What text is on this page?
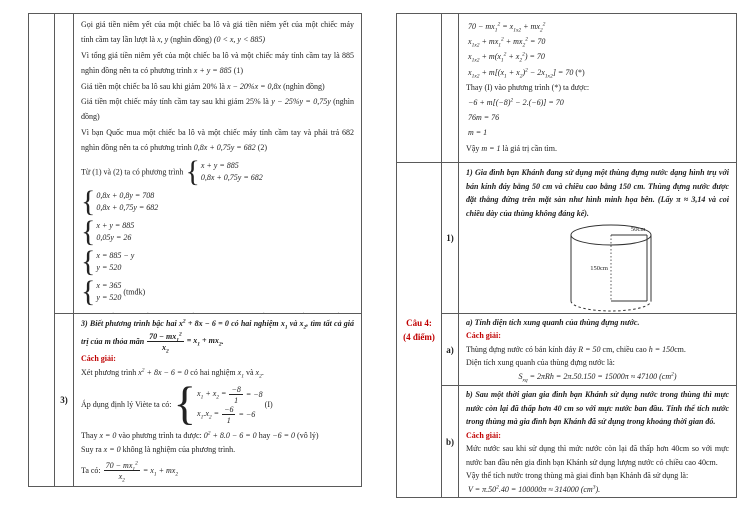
Gọi giá tiền niêm yết của một chiếc ba lô và giá tiền niêm yết của một chiếc máy tính cầm tay lần lượt là x, y (nghìn đồng) (0 < x, y < 885)
Vì tổng giá tiền niêm yết của một chiếc ba lô và một chiếc máy tính cầm tay là 885 nghìn đồng nên ta có phương trình x + y = 885 (1)
Giá tiền một chiếc ba lô sau khi giảm 20% là x − 20%x = 0,8x (nghìn đồng)
Giá tiền một chiếc máy tính cầm tay sau khi giảm 25% là y − 25%y = 0,75y (nghìn đồng)
Vì bạn Quốc mua một chiếc ba lô và một chiếc máy tính cầm tay và phải trả 682 nghìn đồng nên ta có phương trình 0,8x + 0,75y = 682 (2)
Từ (1) và (2) ta có phương trình { x + y = 885
0,8x + 0,75y = 682
{ 0,8x + 0,8y = 708
0,8x + 0,75y = 682
{ x + y = 885
0,05y = 26
{ x = 885 − y
y = 520
{ x = 365
y = 520
(tmđk)
3)
3) Biết phương trình bậc hai $x^2 + 8x - 6 = 0$ có hai nghiệm $x_1$ và $x_2$, tìm tất cả giá trị của m thỏa mãn $\frac{70 - mx_1^2}{x_2} = x_1 + mx_2$.
Cách giải:
Xét phương trình $x^2 + 8x - 6 = 0$ có hai nghiệm $x_1$ và $x_2$.
Áp dụng định lý Viète ta có: { $x_1 + x_2 = \frac{-8}{1} = -8$
$x_1.x_2 = \frac{-6}{1} = -6$
(I)
Thay x = 0 vào phương trình ta được: $0^2 + 8.0 - 6 = 0$ hay −6 = 0 (vô lý)
Suy ra x = 0 không là nghiệm của phương trình.
Ta có: $\frac{70 - mx_1^2}{x_2} = x_1 + mx_2$
$70 - mx_1^2 = x_{1x2} + mx_2^2$
$x_{1x2} + mx_1^2 + mx_2^2 = 70$
$x_{1x2} + m(x_1^2 + x_2^2) = 70$
$x_{1x2} + m[(x_1 + x_2)^2 - 2x_{1x2}] = 70$ (*)
Thay (I) vào phương trình (*) ta được:
$-6 + m[(-8)^2 - 2.(-6)] = 70$
76m = 76
m = 1
Vậy m = 1 là giá trị cần tìm.
Câu 4:
(4 điểm)
1)
1) Gia đình bạn Khánh đang sử dụng một thùng đựng nước dạng hình trụ với bán kính đáy bằng 50 cm và chiều cao bằng 150 cm. Thùng đựng nước được đặt thẳng đứng trên mặt sàn như hình minh họa bên. (Lấy π ≈ 3,14 và coi chiều dày của thùng không đáng kể).
50cm
150cm
a)
a) Tính diện tích xung quanh của thùng đựng nước.
Cách giải:
Thùng đựng nước có bán kính đáy R = 50 cm, chiều cao h = 150cm.
Diện tích xung quanh của thùng đựng nước là:
$S_{xq} = 2\pi Rh = 2\pi.50.150 = 15000\pi \approx 47100$ $(cm^2)$
b)
b) Sau một thời gian gia đình bạn Khánh sử dụng nước trong thùng thì mực nước còn lại đã thấp hơn 40 cm so với mực nước ban đầu. Tính thể tích nước trong thùng mà gia đình bạn Khánh đã sử dụng trong khoảng thời gian đó.
Cách giải:
Mức nước sau khi sử dụng thì mức nước còn lại đã thấp hơn 40cm so với mực nước ban đầu nên gia đình bạn Khánh sử dụng lượng nước có chiều cao 40cm.
Vậy thể tích nước trong thùng mà giai đình bạn Khánh đã sử dụng là:
$V = \pi.50^2.40 = 100000\pi \approx 314000$ $(cm^3)$.
